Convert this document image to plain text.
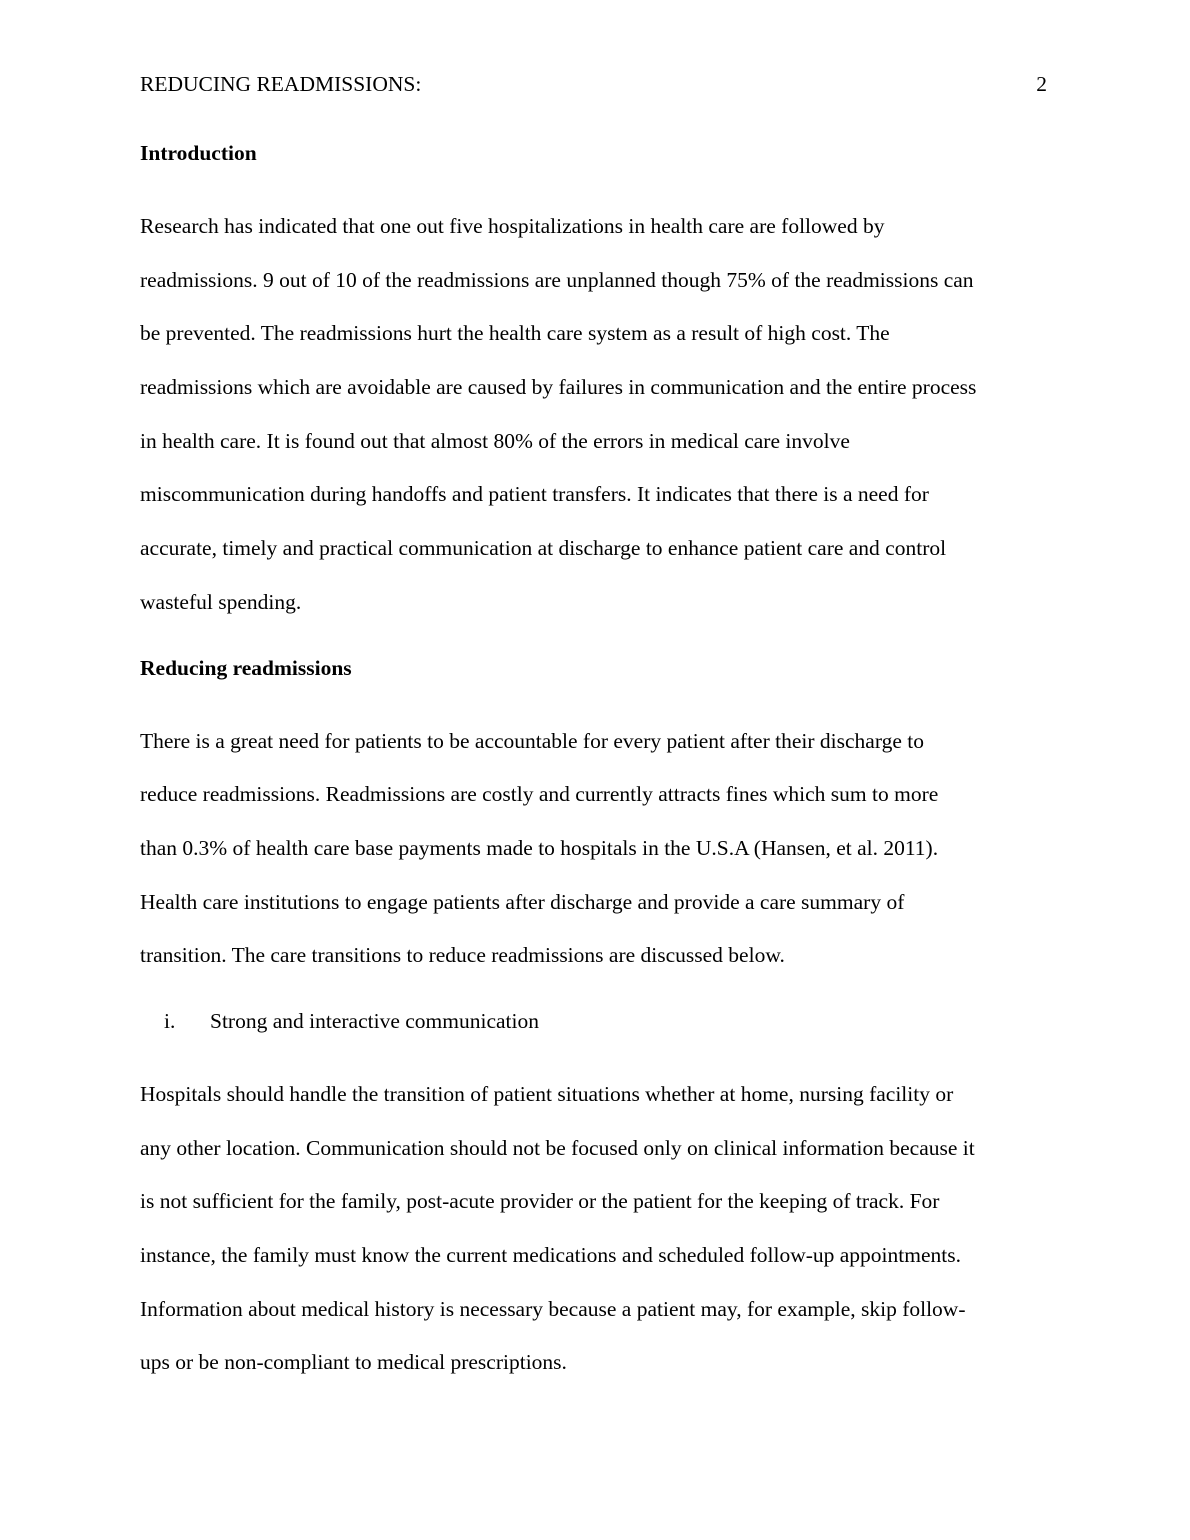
REDUCING READMISSIONS:	2
Introduction

Research has indicated that one out five hospitalizations in health care are followed by
readmissions. 9 out of 10 of the readmissions are unplanned though 75% of the readmissions can
be prevented. The readmissions hurt the health care system as a result of high cost. The
readmissions which are avoidable are caused by failures in communication and the entire process
in health care. It is found out that almost 80% of the errors in medical care involve
miscommunication during handoffs and patient transfers. It indicates that there is a need for
accurate, timely and practical communication at discharge to enhance patient care and control
wasteful spending.

Reducing readmissions

There is a great need for patients to be accountable for every patient after their discharge to
reduce readmissions. Readmissions are costly and currently attracts fines which sum to more
than 0.3% of health care base payments made to hospitals in the U.S.A (Hansen, et al. 2011).
Health care institutions to engage patients after discharge and provide a care summary of
transition. The care transitions to reduce readmissions are discussed below.

i. Strong and interactive communication

Hospitals should handle the transition of patient situations whether at home, nursing facility or
any other location. Communication should not be focused only on clinical information because it
is not sufficient for the family, post-acute provider or the patient for the keeping of track. For
instance, the family must know the current medications and scheduled follow-up appointments.
Information about medical history is necessary because a patient may, for example, skip follow-
ups or be non-compliant to medical prescriptions.
